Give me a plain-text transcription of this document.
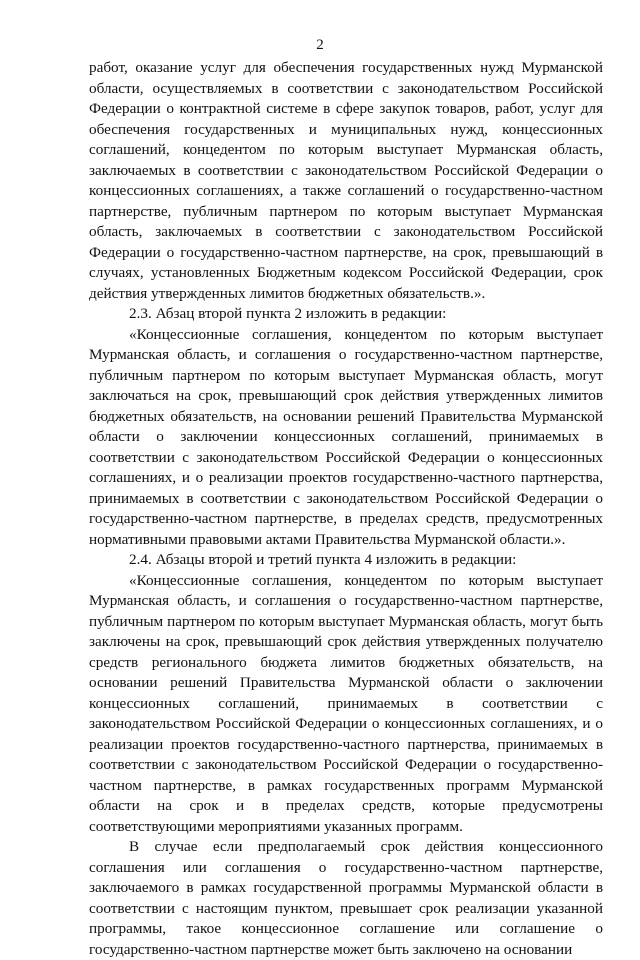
2

работ, оказание услуг для обеспечения государственных нужд Мурманской области, осуществляемых в соответствии с законодательством Российской Федерации о контрактной системе в сфере закупок товаров, работ, услуг для обеспечения государственных и муниципальных нужд, концессионных соглашений, концедентом по которым выступает Мурманская область, заключаемых в соответствии с законодательством Российской Федерации о концессионных соглашениях, а также соглашений о государственно-частном партнерстве, публичным партнером по которым выступает Мурманская область, заключаемых в соответствии с законодательством Российской Федерации о государственно-частном партнерстве, на срок, превышающий в случаях, установленных Бюджетным кодексом Российской Федерации, срок действия утвержденных лимитов бюджетных обязательств.».

2.3. Абзац второй пункта 2 изложить в редакции:

«Концессионные соглашения, концедентом по которым выступает Мурманская область, и соглашения о государственно-частном партнерстве, публичным партнером по которым выступает Мурманская область, могут заключаться на срок, превышающий срок действия утвержденных лимитов бюджетных обязательств, на основании решений Правительства Мурманской области о заключении концессионных соглашений, принимаемых в соответствии с законодательством Российской Федерации о концессионных соглашениях, и о реализации проектов государственно-частного партнерства, принимаемых в соответствии с законодательством Российской Федерации о государственно-частном партнерстве, в пределах средств, предусмотренных нормативными правовыми актами Правительства Мурманской области.».

2.4. Абзацы второй и третий пункта 4 изложить в редакции:

«Концессионные соглашения, концедентом по которым выступает Мурманская область, и соглашения о государственно-частном партнерстве, публичным партнером по которым выступает Мурманская область, могут быть заключены на срок, превышающий срок действия утвержденных получателю средств регионального бюджета лимитов бюджетных обязательств, на основании решений Правительства Мурманской области о заключении концессионных соглашений, принимаемых в соответствии с законодательством Российской Федерации о концессионных соглашениях, и о реализации проектов государственно-частного партнерства, принимаемых в соответствии с законодательством Российской Федерации о государственно-частном партнерстве, в рамках государственных программ Мурманской области на срок и в пределах средств, которые предусмотрены соответствующими мероприятиями указанных программ.

В случае если предполагаемый срок действия концессионного соглашения или соглашения о государственно-частном партнерстве, заключаемого в рамках государственной программы Мурманской области в соответствии с настоящим пунктом, превышает срок реализации указанной программы, такое концессионное соглашение или соглашение о государственно-частном партнерстве может быть заключено на основании
